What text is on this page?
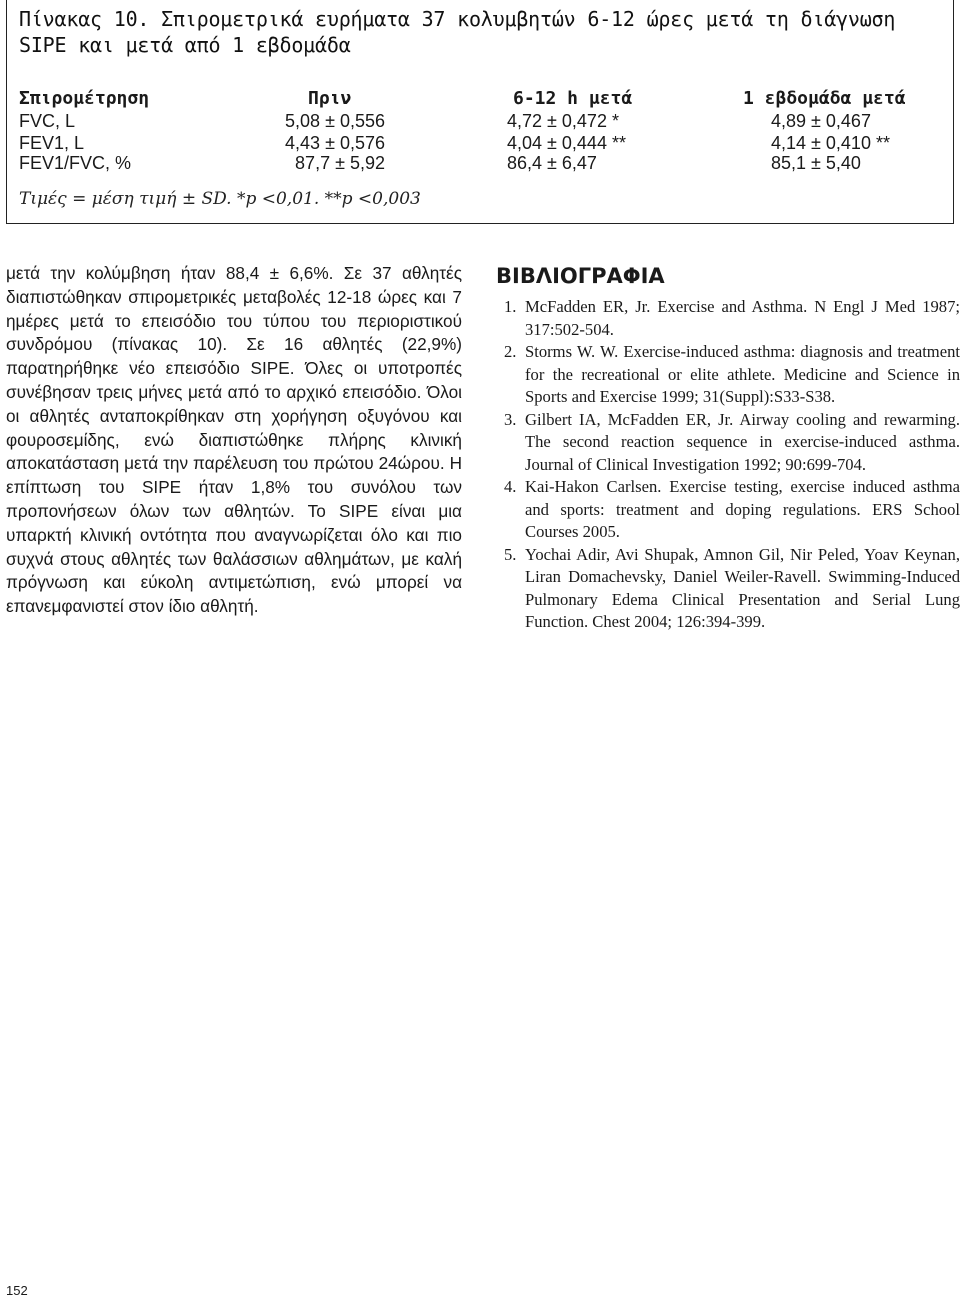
Πίνακας 10. Σπιρομετρικά ευρήματα 37 κολυμβητών 6-12 ώρες μετά τη διάγνωση SIPE και μετά από 1 εβδομάδα
Σπιρομέτρηση	Πριν	6-12 h μετά	1 εβδομάδα μετά
FVC, L	5,08 ± 0,556	4,72 ± 0,472 *	4,89 ± 0,467
FEV1, L	4,43 ± 0,576	4,04 ± 0,444 **	4,14 ± 0,410 **
FEV1/FVC, %	87,7 ± 5,92	86,4 ± 6,47	85,1 ± 5,40
Τιμές = μέση τιμή ± SD. *p <0,01. **p <0,003

μετά την κολύμβηση ήταν 88,4 ± 6,6%. Σε 37 αθλητές διαπιστώθηκαν σπιρομετρικές μεταβολές 12-18 ώρες και 7 ημέρες μετά το επεισόδιο του τύπου του περιοριστικού συνδρόμου (πίνακας 10). Σε 16 αθλητές (22,9%) παρατηρήθηκε νέο επεισόδιο SIPE. Όλες οι υποτροπές συνέβησαν τρεις μήνες μετά από το αρχικό επεισόδιο. Όλοι οι αθλητές ανταποκρίθηκαν στη χορήγηση οξυγόνου και φουροσεμίδης, ενώ διαπιστώθηκε πλήρης κλινική αποκατάσταση μετά την παρέλευση του πρώτου 24ώρου. Η επίπτωση του SIPE ήταν 1,8% του συνόλου των προπονήσεων όλων των αθλητών. Το SIPE είναι μια υπαρκτή κλινική οντότητα που αναγνωρίζεται όλο και πιο συχνά στους αθλητές των θαλάσσιων αθλημάτων, με καλή πρόγνωση και εύκολη αντιμετώπιση, ενώ μπορεί να επανεμφανιστεί στον ίδιο αθλητή.

ΒΙΒΛΙΟΓΡΑΦΙΑ
1. McFadden ER, Jr. Exercise and Asthma. N Engl J Med 1987; 317:502-504.
2. Storms W. W. Exercise-induced asthma: diagnosis and treatment for the recreational or elite athlete. Medicine and Science in Sports and Exercise 1999; 31(Suppl):S33-S38.
3. Gilbert IA, McFadden ER, Jr. Airway cooling and rewarming. The second reaction sequence in exercise-induced asthma. Journal of Clinical Investigation 1992; 90:699-704.
4. Kai-Hakon Carlsen. Exercise testing, exercise induced asthma and sports: treatment and doping regulations. ERS School Courses 2005.
5. Yochai Adir, Avi Shupak, Amnon Gil, Nir Peled, Yoav Keynan, Liran Domachevsky, Daniel Weiler-Ravell. Swimming-Induced Pulmonary Edema Clinical Presentation and Serial Lung Function. Chest 2004; 126:394-399.
152
